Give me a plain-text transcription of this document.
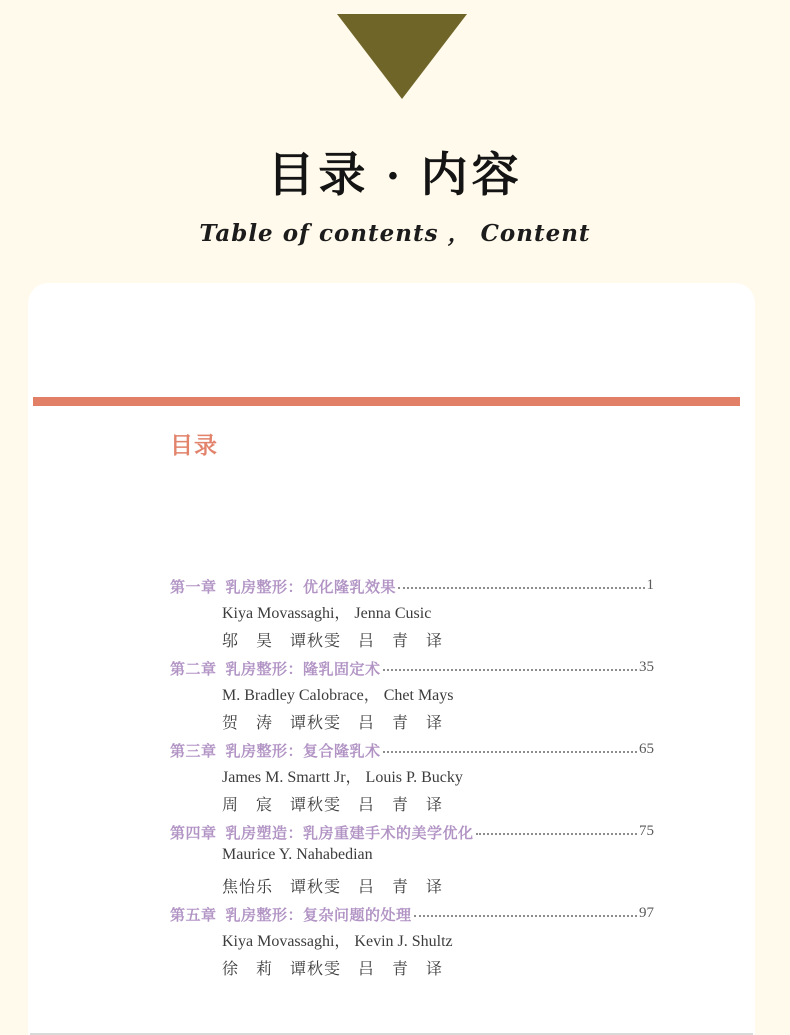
目录 · 内容
Table of contents ， Content
目录
第一章 乳房整形：优化隆乳效果	1
Kiya Movassaghi， Jenna Cusic
邬　昊　谭秋雯　吕　青　译
第二章 乳房整形：隆乳固定术	35
M. Bradley Calobrace， Chet Mays
贺　涛　谭秋雯　吕　青　译
第三章 乳房整形：复合隆乳术	65
James M. Smartt Jr， Louis P. Bucky
周　宸　谭秋雯　吕　青　译
第四章 乳房塑造：乳房重建手术的美学优化	75
Maurice Y. Nahabedian
焦怡乐　谭秋雯　吕　青　译
第五章 乳房整形：复杂问题的处理	97
Kiya Movassaghi， Kevin J. Shultz
徐　莉　谭秋雯　吕　青　译
